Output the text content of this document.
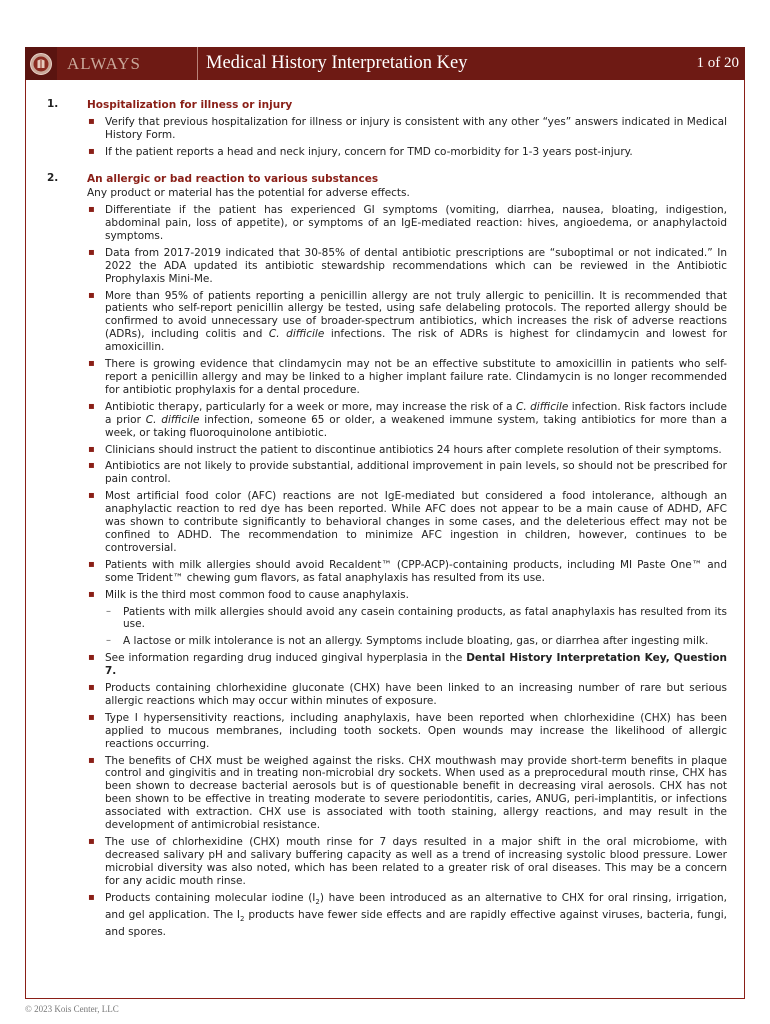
ALWAYS	Medical History Interpretation Key	1 of 20
1.	Hospitalization for illness or injury
▪ Verify that previous hospitalization for illness or injury is consistent with any other “yes” answers indicated in Medical History Form.
▪ If the patient reports a head and neck injury, concern for TMD co-morbidity for 1-3 years post-injury.
2.	An allergic or bad reaction to various substances
Any product or material has the potential for adverse effects.
▪ Differentiate if the patient has experienced GI symptoms (vomiting, diarrhea, nausea, bloating, indigestion, abdominal pain, loss of appetite), or symptoms of an IgE-mediated reaction: hives, angioedema, or anaphylactoid symptoms.
▪ Data from 2017-2019 indicated that 30-85% of dental antibiotic prescriptions are “suboptimal or not indicated.” In 2022 the ADA updated its antibiotic stewardship recommendations which can be reviewed in the Antibiotic Prophylaxis Mini-Me.
▪ More than 95% of patients reporting a penicillin allergy are not truly allergic to penicillin. It is recommended that patients who self-report penicillin allergy be tested, using safe delabeling protocols. The reported allergy should be confirmed to avoid unnecessary use of broader-spectrum antibiotics, which increases the risk of adverse reactions (ADRs), including colitis and C. difficile infections. The risk of ADRs is highest for clindamycin and lowest for amoxicillin.
▪ There is growing evidence that clindamycin may not be an effective substitute to amoxicillin in patients who self-report a penicillin allergy and may be linked to a higher implant failure rate. Clindamycin is no longer recommended for antibiotic prophylaxis for a dental procedure.
▪ Antibiotic therapy, particularly for a week or more, may increase the risk of a C. difficile infection. Risk factors include a prior C. difficile infection, someone 65 or older, a weakened immune system, taking antibiotics for more than a week, or taking fluoroquinolone antibiotic.
▪ Clinicians should instruct the patient to discontinue antibiotics 24 hours after complete resolution of their symptoms.
▪ Antibiotics are not likely to provide substantial, additional improvement in pain levels, so should not be prescribed for pain control.
▪ Most artificial food color (AFC) reactions are not IgE-mediated but considered a food intolerance, although an anaphylactic reaction to red dye has been reported. While AFC does not appear to be a main cause of ADHD, AFC was shown to contribute significantly to behavioral changes in some cases, and the deleterious effect may not be confined to ADHD. The recommendation to minimize AFC ingestion in children, however, continues to be controversial.
▪ Patients with milk allergies should avoid Recaldent™ (CPP-ACP)-containing products, including MI Paste One™ and some Trident™ chewing gum flavors, as fatal anaphylaxis has resulted from its use.
▪ Milk is the third most common food to cause anaphylaxis.
– Patients with milk allergies should avoid any casein containing products, as fatal anaphylaxis has resulted from its use.
– A lactose or milk intolerance is not an allergy. Symptoms include bloating, gas, or diarrhea after ingesting milk.
▪ See information regarding drug induced gingival hyperplasia in the Dental History Interpretation Key, Question 7.
▪ Products containing chlorhexidine gluconate (CHX) have been linked to an increasing number of rare but serious allergic reactions which may occur within minutes of exposure.
▪ Type I hypersensitivity reactions, including anaphylaxis, have been reported when chlorhexidine (CHX) has been applied to mucous membranes, including tooth sockets. Open wounds may increase the likelihood of allergic reactions occurring.
▪ The benefits of CHX must be weighed against the risks. CHX mouthwash may provide short-term benefits in plaque control and gingivitis and in treating non-microbial dry sockets. When used as a preprocedural mouth rinse, CHX has been shown to decrease bacterial aerosols but is of questionable benefit in decreasing viral aerosols. CHX has not been shown to be effective in treating moderate to severe periodontitis, caries, ANUG, peri-implantitis, or infections associated with extraction. CHX use is associated with tooth staining, allergy reactions, and may result in the development of antimicrobial resistance.
▪ The use of chlorhexidine (CHX) mouth rinse for 7 days resulted in a major shift in the oral microbiome, with decreased salivary pH and salivary buffering capacity as well as a trend of increasing systolic blood pressure. Lower microbial diversity was also noted, which has been related to a greater risk of oral diseases. This may be a concern for any acidic mouth rinse.
▪ Products containing molecular iodine $(I_2)$ have been introduced as an alternative to CHX for oral rinsing, irrigation, and gel application. The $I_2$ products have fewer side effects and are rapidly effective against viruses, bacteria, fungi, and spores.
© 2023 Kois Center, LLC
